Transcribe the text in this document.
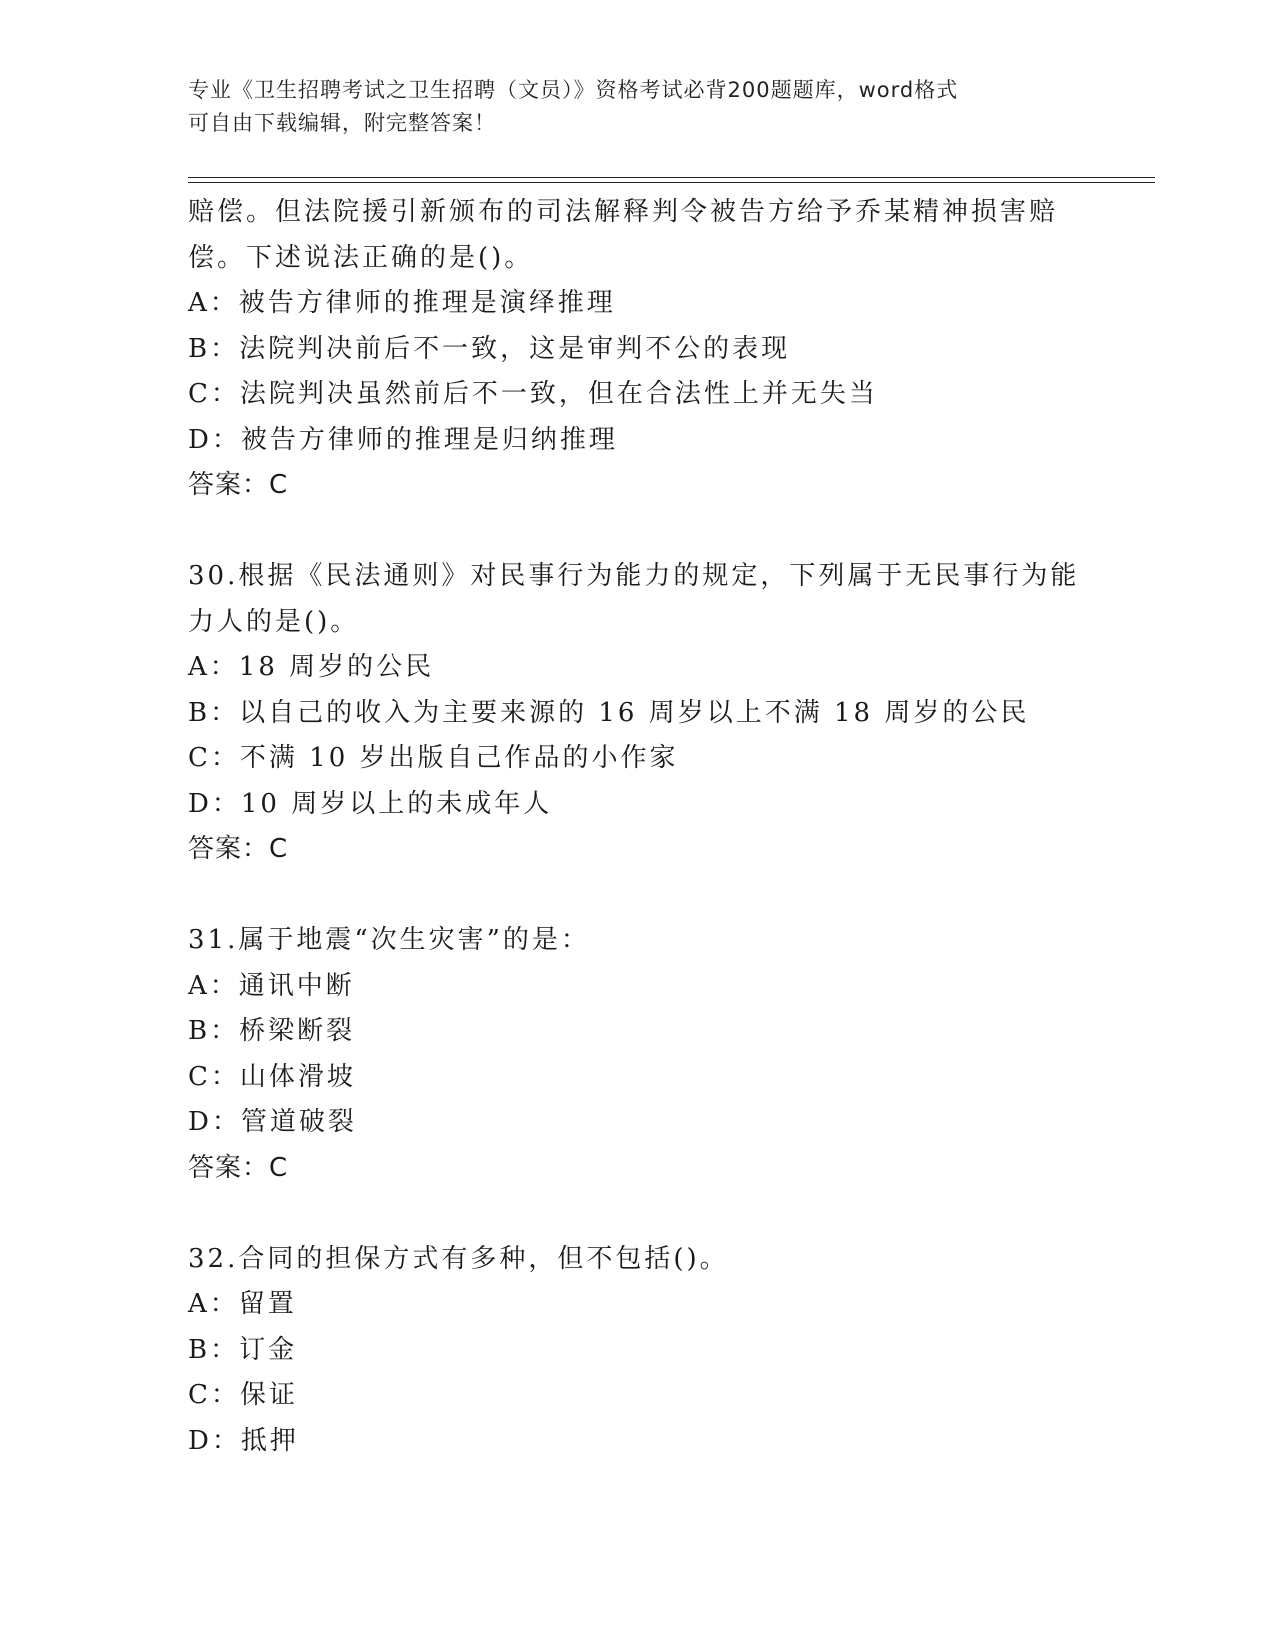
专业《卫生招聘考试之卫生招聘（文员）》资格考试必背200题题库，word格式
可自由下载编辑，附完整答案！
赔偿。但法院援引新颁布的司法解释判令被告方给予乔某精神损害赔
偿。下述说法正确的是()。
A：被告方律师的推理是演绎推理
B：法院判决前后不一致，这是审判不公的表现
C：法院判决虽然前后不一致，但在合法性上并无失当
D：被告方律师的推理是归纳推理
答案：C
30.根据《民法通则》对民事行为能力的规定，下列属于无民事行为能
力人的是()。
A：18 周岁的公民
B：以自己的收入为主要来源的 16 周岁以上不满 18 周岁的公民
C：不满 10 岁出版自己作品的小作家
D：10 周岁以上的未成年人
答案：C
31.属于地震“次生灾害”的是：
A：通讯中断
B：桥梁断裂
C：山体滑坡
D：管道破裂
答案：C
32.合同的担保方式有多种，但不包括()。
A：留置
B：订金
C：保证
D：抵押
